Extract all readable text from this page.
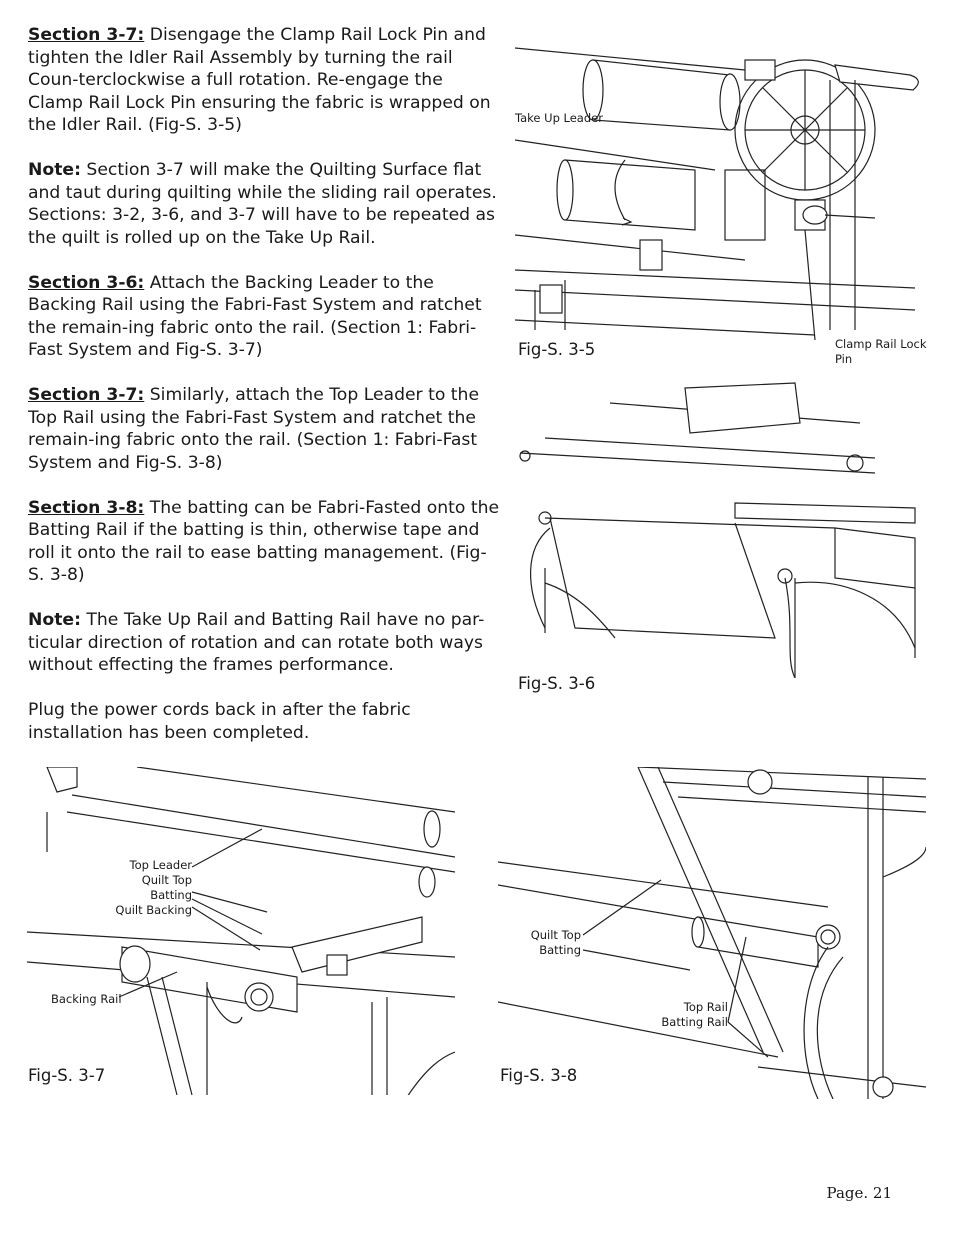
Section 3-7: Disengage the Clamp Rail Lock Pin and tighten the Idler Rail Assembly by turning the rail Coun-terclockwise a full rotation. Re-engage the Clamp Rail Lock Pin ensuring the fabric is wrapped on the Idler Rail. (Fig-S. 3-5)

Note: Section 3-7 will make the Quilting Surface flat and taut during quilting while the sliding rail operates. Sections: 3-2, 3-6, and 3-7 will have to be repeated as the quilt is rolled up on the Take Up Rail.

Section 3-6: Attach the Backing Leader to the Backing Rail using the Fabri-Fast System and ratchet the remain-ing fabric onto the rail. (Section 1: Fabri-Fast System and Fig-S. 3-7)

Section 3-7: Similarly, attach the Top Leader to the Top Rail using the Fabri-Fast System and ratchet the remain-ing fabric onto the rail. (Section 1: Fabri-Fast System and Fig-S. 3-8)

Section 3-8: The batting can be Fabri-Fasted onto the Batting Rail if the batting is thin, otherwise tape and roll it onto the rail to ease batting management. (Fig-S. 3-8)

Note: The Take Up Rail and Batting Rail have no par-ticular direction of rotation and can rotate both ways without effecting the frames performance.

Plug the power cords back in after the fabric installation has been completed.

Take Up Leader
Clamp Rail Lock
Pin
Fig-S. 3-5
Fig-S. 3-6
Top Leader
Quilt Top
Batting
Quilt Backing
Backing Rail
Fig-S. 3-7
Quilt Top
Batting
Top Rail
Batting Rail
Fig-S. 3-8
Page. 21
